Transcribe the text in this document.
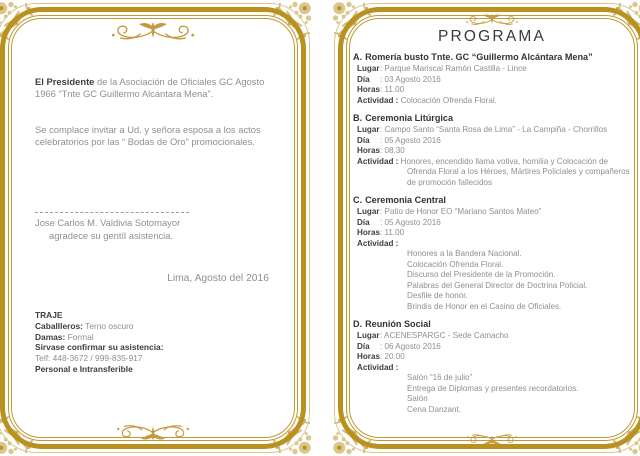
El Presidente de la Asociación de Oficiales GC Agosto 1966 “Tnte GC Guillermo Alcántara Mena”.
Se complace invitar a Ud. y señora esposa a los actos celebratorios por las “ Bodas de Oro” promocionales.
Jose Carlos M. Valdivia Sotomayor
agradece su gentíl asistencia.
Lima, Agosto del 2016
TRAJE
Caballleros: Terno oscuro
Damas: Formal
Sirvase confirmar su asistencia:
Telf: 448-3672 / 999-835-917
Personal e Intransferible
PROGRAMA
A. Romería busto Tnte. GC “Guillermo Alcántara Mena”
Lugar : Parque Mariscal Ramón Castilla - Lince
Día	: 03 Agosto 2016
Horas : 11.00
Actividad : Colocación Ofrenda Floral.
B. Ceremonia Litúrgica
Lugar : Campo Santo “Santa Rosa de Lima” - La Campiña - Chorrillos
Día	: 05 Agosto 2016
Horas : 08.30
Actividad : Honores, encendido llama votiva, homilia y Colocación de Ofrenda Floral a los Héroes, Mártires Policiales y compañeros de promoción fallecidos
C. Ceremonia Central
Lugar : Patio de Honor EO “Mariano Santos Mateo”
Día	: 05 Agosto 2016
Horas : 11.00
Actividad :
Honores a la Bandera Nacional.
Colocación Ofrenda Floral.
Discurso del Presidente de la Promoción.
Palabras del General Director de Doctrina Policial.
Desfile de honor.
Brindis de Honor en el Casino de Oficiales.
D. Reunión Social
Lugar : ACENESPARGC - Sede Camacho
Día	: 06 Agosto 2016
Horas : 20.00
Actividad :
Salón “16 de julio”
Entrega de Diplomas y presentes recordatorios.
Salón
Cena Danzant.
